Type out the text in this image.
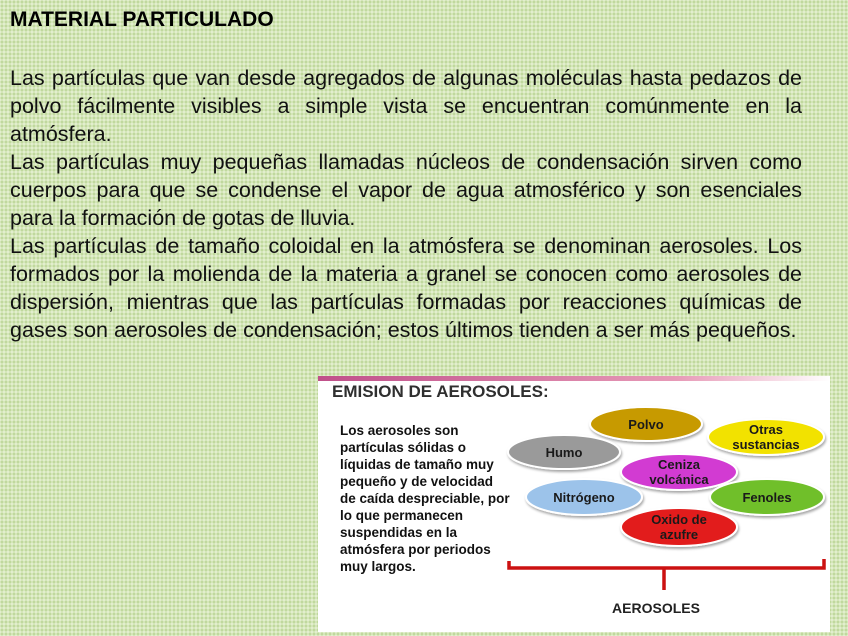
MATERIAL PARTICULADO

Las partículas que van desde agregados de algunas moléculas hasta pedazos de polvo fácilmente visibles a simple vista se encuentran comúnmente en la atmósfera.

Las partículas muy pequeñas llamadas núcleos de condensación sirven como cuerpos para que se condense el vapor de agua atmosférico y son esenciales para la formación de gotas de lluvia.

Las partículas de tamaño coloidal en la atmósfera se denominan aerosoles. Los formados por la molienda de la materia a granel se conocen como aerosoles de dispersión, mientras que las partículas formadas por reacciones químicas de gases son aerosoles de condensación; estos últimos tienden a ser más pequeños.

EMISION DE AEROSOLES:
Los aerosoles son partículas sólidas o líquidas de tamaño muy pequeño y de velocidad de caída despreciable, por lo que permanecen suspendidas en la atmósfera por periodos muy largos.
Polvo	Otras
sustancias
Humo
Ceniza
volcánica
Nitrógeno	Fenoles
Oxido de
azufre
AEROSOLES
